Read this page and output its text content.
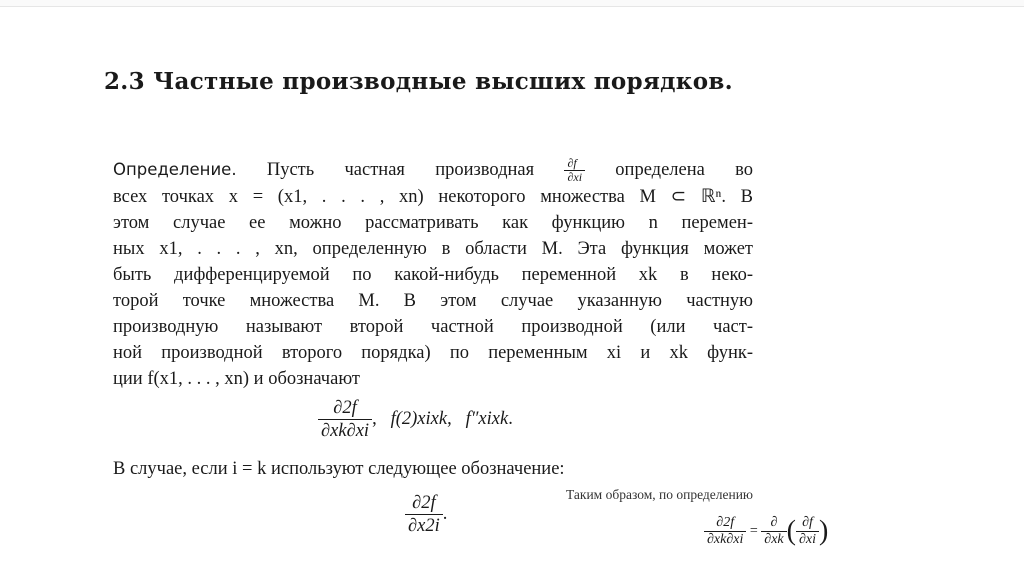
2.3 Частные производные высших порядков.
Определение. Пусть частная производная $\frac{\partial f}{\partial xi}$ определена во
всех точках x = (x1, . . . , xn) некоторого множества M ⊂ ℝⁿ. В
этом случае ее можно рассматривать как функцию n перемен-
ных x1, . . . , xn, определенную в области M. Эта функция может
быть дифференцируемой по какой-нибудь переменной xk в неко-
торой точке множества M. В этом случае указанную частную
производную называют второй частной производной (или част-
ной производной второго порядка) по переменным xi и xk функ-
ции f(x1, . . . , xn) и обозначают
$\frac{\partial 2f}{\partial xk\partial xi}$ ,   f(2)xixk,   f″xixk.
В случае, если i = k используют следующее обозначение:
$\frac{\partial 2f}{\partial x2i}$ .
Таким образом, по определению
$\frac{\partial 2f}{\partial xk\partial xi} = \frac{\partial}{\partial xk}$ ( $\frac{\partial f}{\partial xi}$ )
